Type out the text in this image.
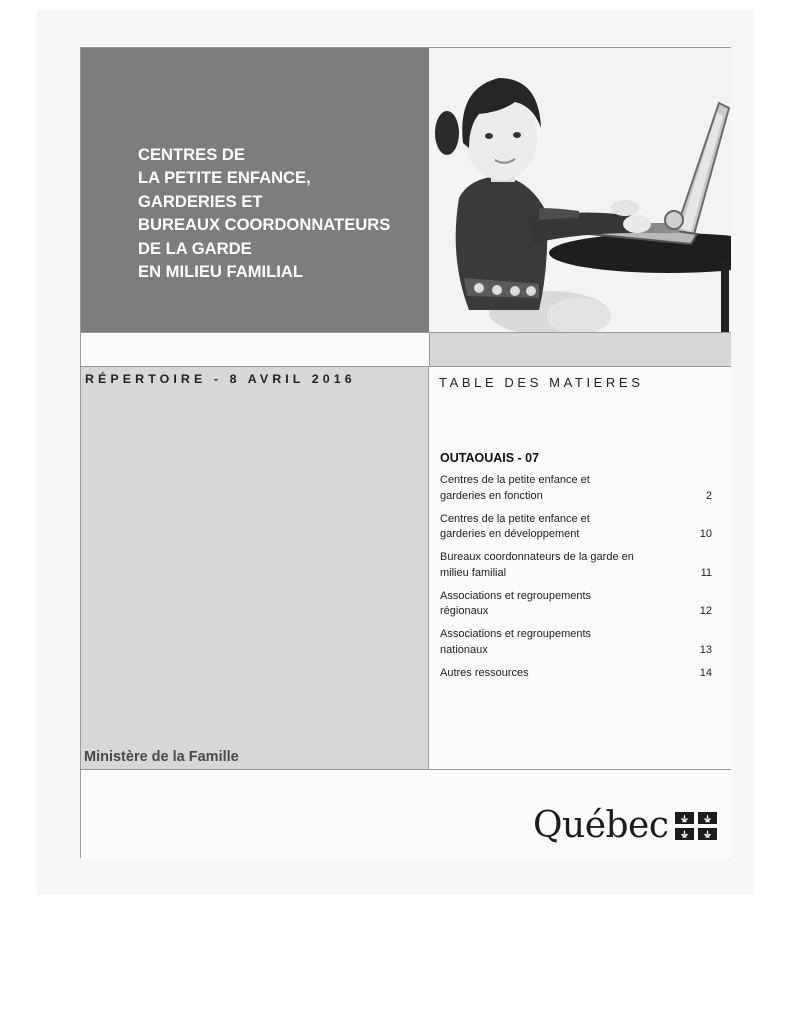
CENTRES DE
LA PETITE ENFANCE,
GARDERIES ET
BUREAUX COORDONNATEURS
DE LA GARDE
EN MILIEU FAMILIAL
RÉPERTOIRE - 8 AVRIL 2016
Ministère de la Famille
TABLE DES MATIERES
OUTAOUAIS - 07
Centres de la petite enfance et
garderies en fonction	2
Centres de la petite enfance et
garderies en développement	10
Bureaux coordonnateurs de la garde en
milieu familial	11
Associations et regroupements
régionaux	12
Associations et regroupements
nationaux	13
Autres ressources	14
Québec
